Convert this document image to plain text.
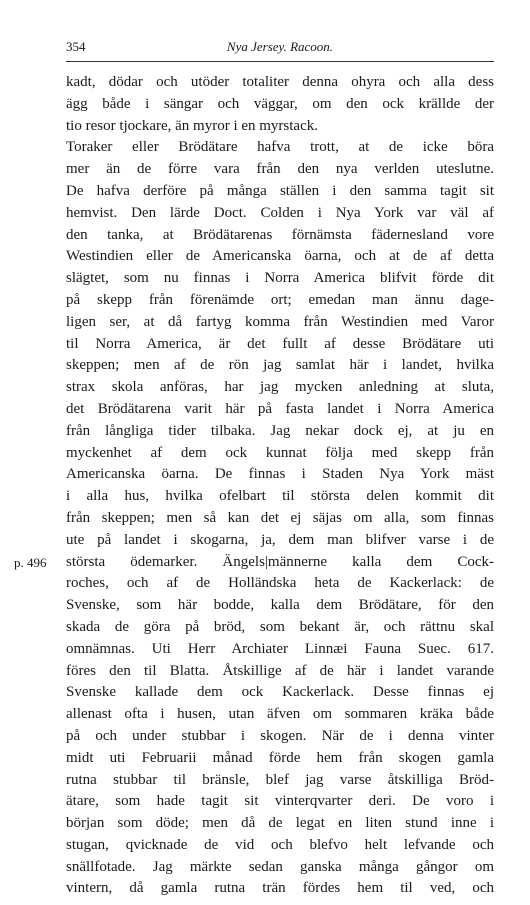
354	Nya Jersey. Racoon.
kadt, dödar och utöder totaliter denna ohyra och alla dess
ägg både i sängar och väggar, om den ock krällde der
tio resor tjockare, än myror i en myrstack.
Toraker eller Brödätare hafva trott, at de icke böra
mer än de förre vara från den nya verlden uteslutne.
De hafva derföre på många ställen i den samma tagit sit
hemvist. Den lärde Doct. Colden i Nya York var väl af
den tanka, at Brödätarenas förnämsta fädernesland vore
Westindien eller de Americanska öarna, och at de af detta
slägtet, som nu finnas i Norra America blifvit förde dit
på skepp från förenämde ort; emedan man ännu dage-
ligen ser, at då fartyg komma från Westindien med Varor
til Norra America, är det fullt af desse Brödätare uti
skeppen; men af de rön jag samlat här i landet, hvilka
strax skola anföras, har jag mycken anledning at sluta,
det Brödätarena varit här på fasta landet i Norra America
från långliga tider tilbaka. Jag nekar dock ej, at ju en
myckenhet af dem ock kunnat följa med skepp från
Americanska öarna. De finnas i Staden Nya York mäst
i alla hus, hvilka ofelbart til största delen kommit dit
från skeppen; men så kan det ej säjas om alla, som finnas
ute på landet i skogarna, ja, dem man blifver varse i de
största ödemarker. Ängels|männerne kalla dem Cock-
roches, och af de Holländska heta de Kackerlack: de
Svenske, som här bodde, kalla dem Brödätare, för den
skada de göra på bröd, som bekant är, och rättnu skal
omnämnas. Uti Herr Archiater Linnæi Fauna Suec. 617.
föres den til Blatta. Åtskillige af de här i landet varande
Svenske kallade dem ock Kackerlack. Desse finnas ej
allenast ofta i husen, utan äfven om sommaren kräka både
på och under stubbar i skogen. När de i denna vinter
midt uti Februarii månad förde hem från skogen gamla
rutna stubbar til bränsle, blef jag varse åtskilliga Bröd-
ätare, som hade tagit sit vinterqvarter deri. De voro i
början som döde; men då de legat en liten stund inne i
stugan, qvicknade de vid och blefvo helt lefvande och
snällfotade. Jag märkte sedan ganska många gångor om
vintern, då gamla rutna trän fördes hem til ved, och
p. 496
